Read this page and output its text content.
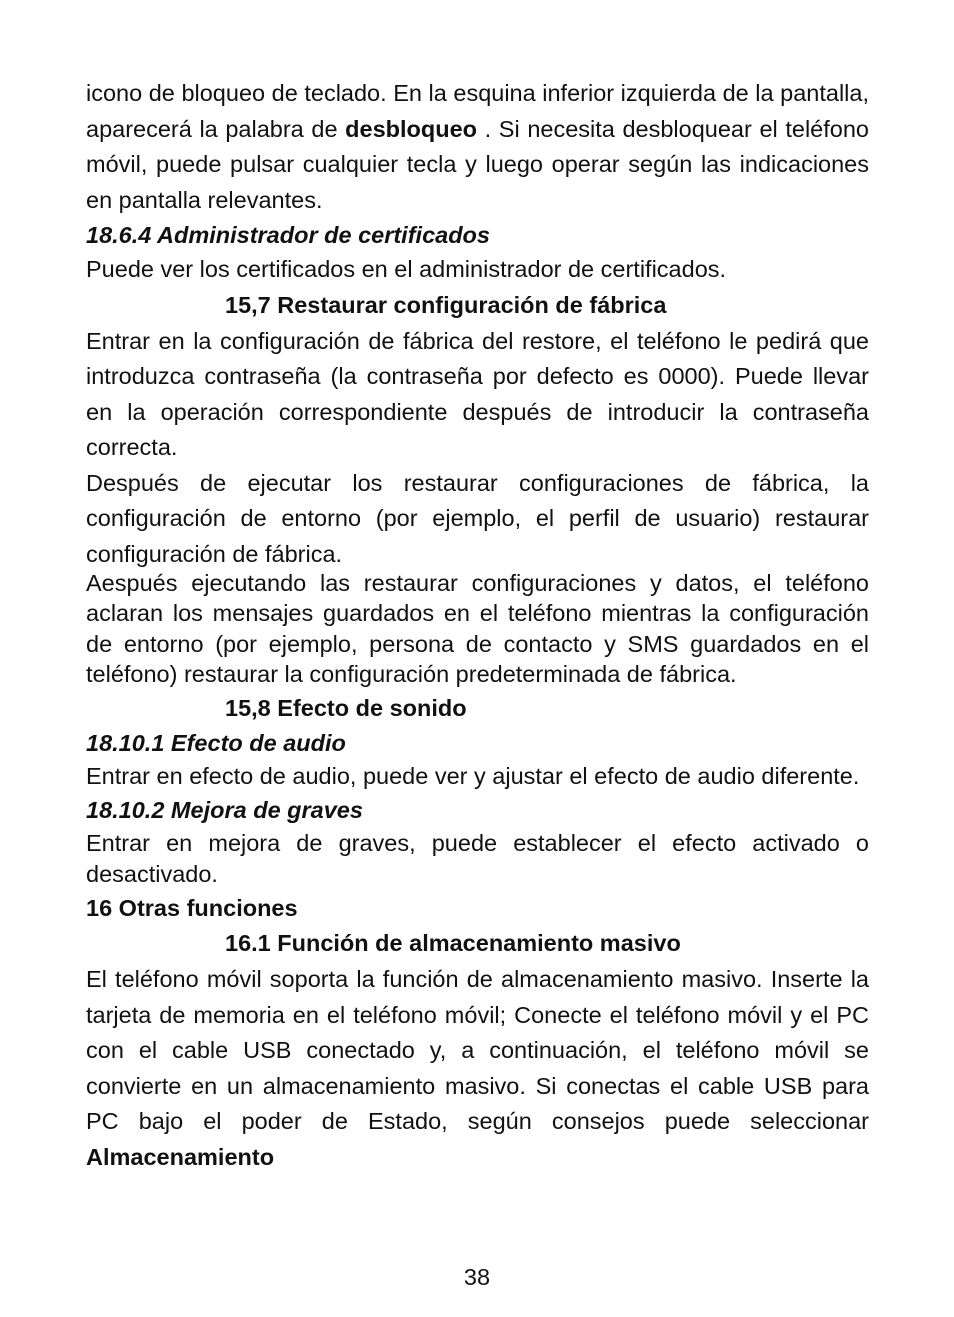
icono de bloqueo de teclado. En la esquina inferior izquierda de la pantalla, aparecerá la palabra de desbloqueo . Si necesita desbloquear el teléfono móvil, puede pulsar cualquier tecla y luego operar según las indicaciones en pantalla relevantes.

18.6.4 Administrador de certificados

Puede ver los certificados en el administrador de certificados.

15,7 Restaurar configuración de fábrica

Entrar en la configuración de fábrica del restore, el teléfono le pedirá que introduzca contraseña (la contraseña por defecto es 0000). Puede llevar en la operación correspondiente después de introducir la contraseña correcta.

Después de ejecutar los restaurar configuraciones de fábrica, la configuración de entorno (por ejemplo, el perfil de usuario) restaurar configuración de fábrica.

Aespués ejecutando las restaurar configuraciones y datos, el teléfono aclaran los mensajes guardados en el teléfono mientras la configuración de entorno (por ejemplo, persona de contacto y SMS guardados en el teléfono) restaurar la configuración predeterminada de fábrica.

15,8 Efecto de sonido

18.10.1 Efecto de audio

Entrar en efecto de audio, puede ver y ajustar el efecto de audio diferente.

18.10.2 Mejora de graves

Entrar en mejora de graves, puede establecer el efecto activado o desactivado.

16 Otras funciones

16.1 Función de almacenamiento masivo

El teléfono móvil soporta la función de almacenamiento masivo. Inserte la tarjeta de memoria en el teléfono móvil; Conecte el teléfono móvil y el PC con el cable USB conectado y, a continuación, el teléfono móvil se convierte en un almacenamiento masivo. Si conectas el cable USB para PC bajo el poder de Estado, según consejos puede seleccionar Almacenamiento

38
